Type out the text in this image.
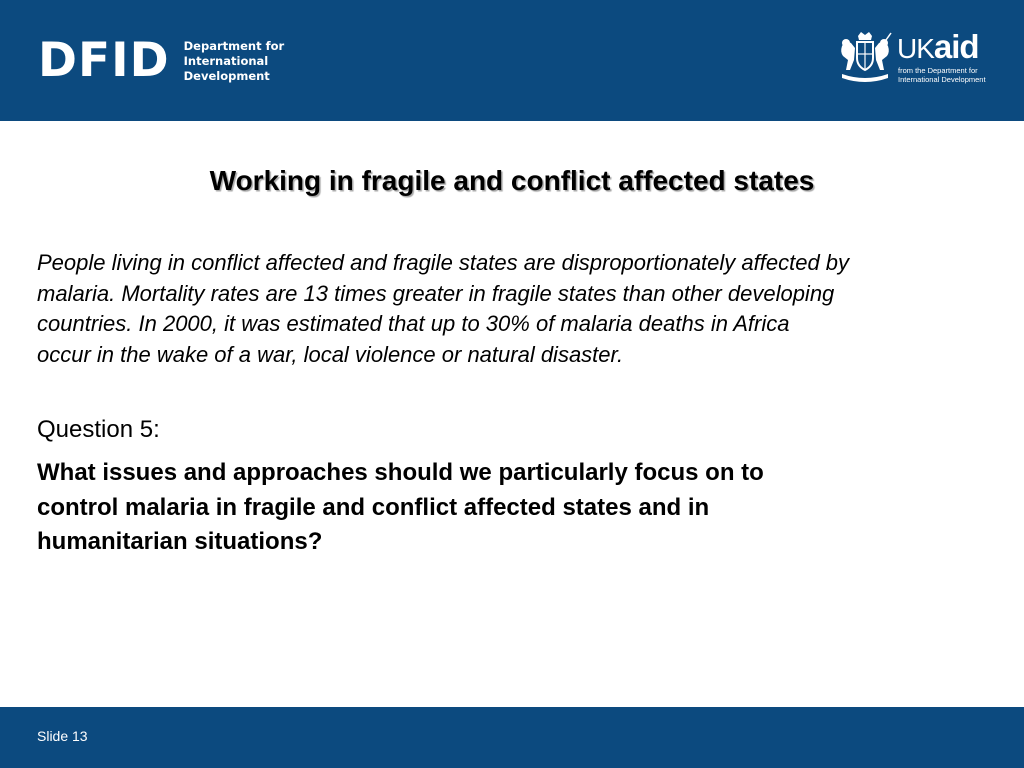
DFID Department for
International
Development
UKaid
from the Department for
International Development
Working in fragile and conflict affected states

People living in conflict affected and fragile states are disproportionately affected by
malaria. Mortality rates are 13 times greater in fragile states than other developing
countries. In 2000, it was estimated that up to 30% of malaria deaths in Africa
occur in the wake of a war, local violence or natural disaster.

Question 5:

What issues and approaches should we particularly focus on to
control malaria in fragile and conflict affected states and in
humanitarian situations?

Slide 13
